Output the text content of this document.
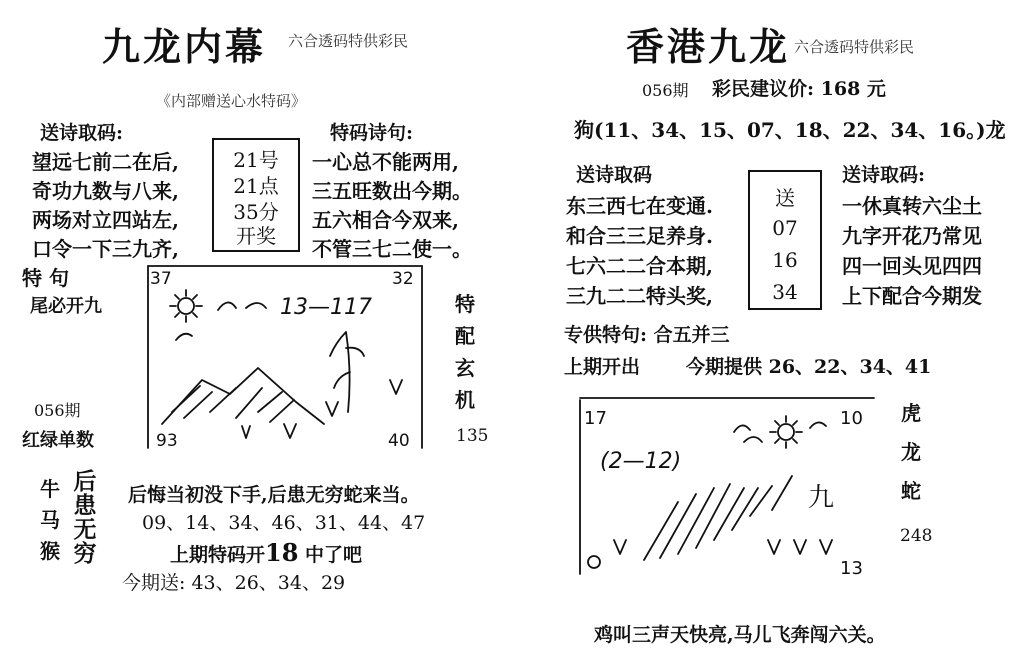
九龙内幕 六合透码特供彩民
《内部赠送心水特码》
送诗取码:	特码诗句:
望远七前二在后,
奇功九数与八来,
两场对立四站左,
口令一下三九齐,
21号
21点
35分
开奖
一心总不能两用,
三五旺数出今期。
五六相合今双来,
不管三七二使一。
特 句
尾必开九	特
配
玄
机
135
056期
红绿单数
37	32
93	40
13—117
牛
马
猴
后
患
无
穷
后悔当初没下手,后患无穷蛇来当。
09、14、34、46、31、44、47
上期特码开18 中了吧
今期送: 43、26、34、29
香港九龙 六合透码特供彩民
056期 彩民建议价: 168 元
狗(11、34、15、07、18、22、34、16。)龙
送诗取码	送诗取码:
东三西七在变通.
和合三三足养身.
七六二二合本期,
三九二二特头奖,
送
07
16
34
一休真转六尘土
九字开花乃常见
四一回头见四四
上下配合今期发
专供特句: 合五并三
上期开出 今期提供 26、22、34、41
17	10
13
(2—12)
九
虎
龙
蛇
248
鸡叫三声天快亮,马儿飞奔闯六关。
